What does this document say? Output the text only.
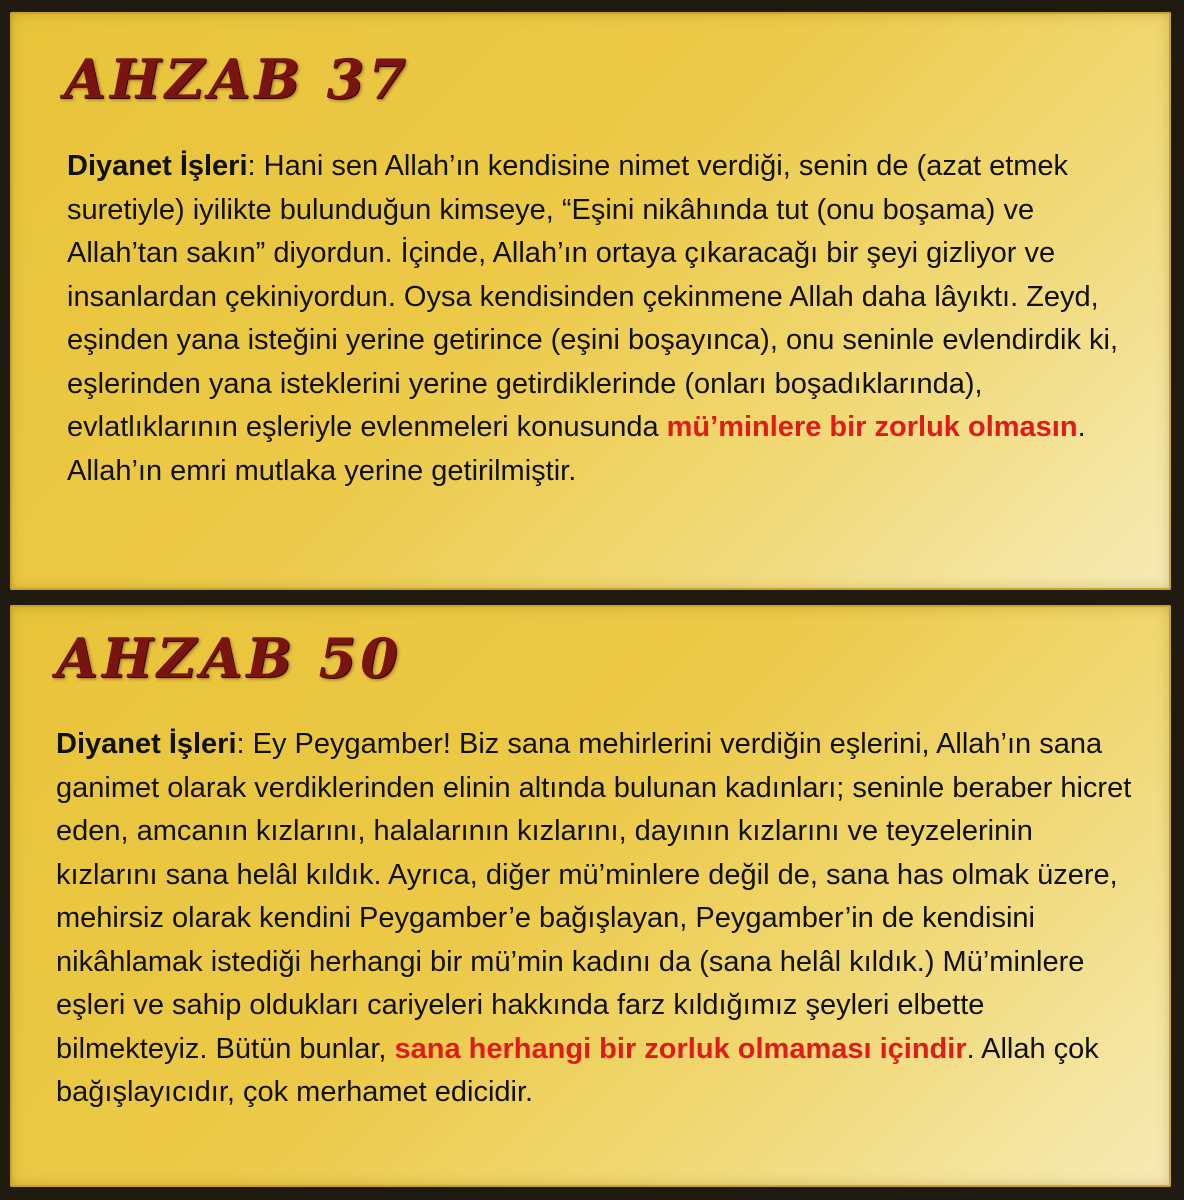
AHZAB 37

Diyanet İşleri: Hani sen Allah’ın kendisine nimet verdiği, senin de (azat etmek suretiyle) iyilikte bulunduğun kimseye, “Eşini nikâhında tut (onu boşama) ve Allah’tan sakın” diyordun. İçinde, Allah’ın ortaya çıkaracağı bir şeyi gizliyor ve insanlardan çekiniyordun. Oysa kendisinden çekinmene Allah daha lâyıktı. Zeyd, eşinden yana isteğini yerine getirince (eşini boşayınca), onu seninle evlendirdik ki, eşlerinden yana isteklerini yerine getirdiklerinde (onları boşadıklarında), evlatlıklarının eşleriyle evlenmeleri konusunda mü’minlere bir zorluk olmasın. Allah’ın emri mutlaka yerine getirilmiştir.

AHZAB 50

Diyanet İşleri: Ey Peygamber! Biz sana mehirlerini verdiğin eşlerini, Allah’ın sana ganimet olarak verdiklerinden elinin altında bulunan kadınları; seninle beraber hicret eden, amcanın kızlarını, halalarının kızlarını, dayının kızlarını ve teyzelerinin kızlarını sana helâl kıldık. Ayrıca, diğer mü’minlere değil de, sana has olmak üzere, mehirsiz olarak kendini Peygamber’e bağışlayan, Peygamber’in de kendisini nikâhlamak istediği herhangi bir mü’min kadını da (sana helâl kıldık.) Mü’minlere eşleri ve sahip oldukları cariyeleri hakkında farz kıldığımız şeyleri elbette bilmekteyiz. Bütün bunlar, sana herhangi bir zorluk olmaması içindir. Allah çok bağışlayıcıdır, çok merhamet edicidir.
